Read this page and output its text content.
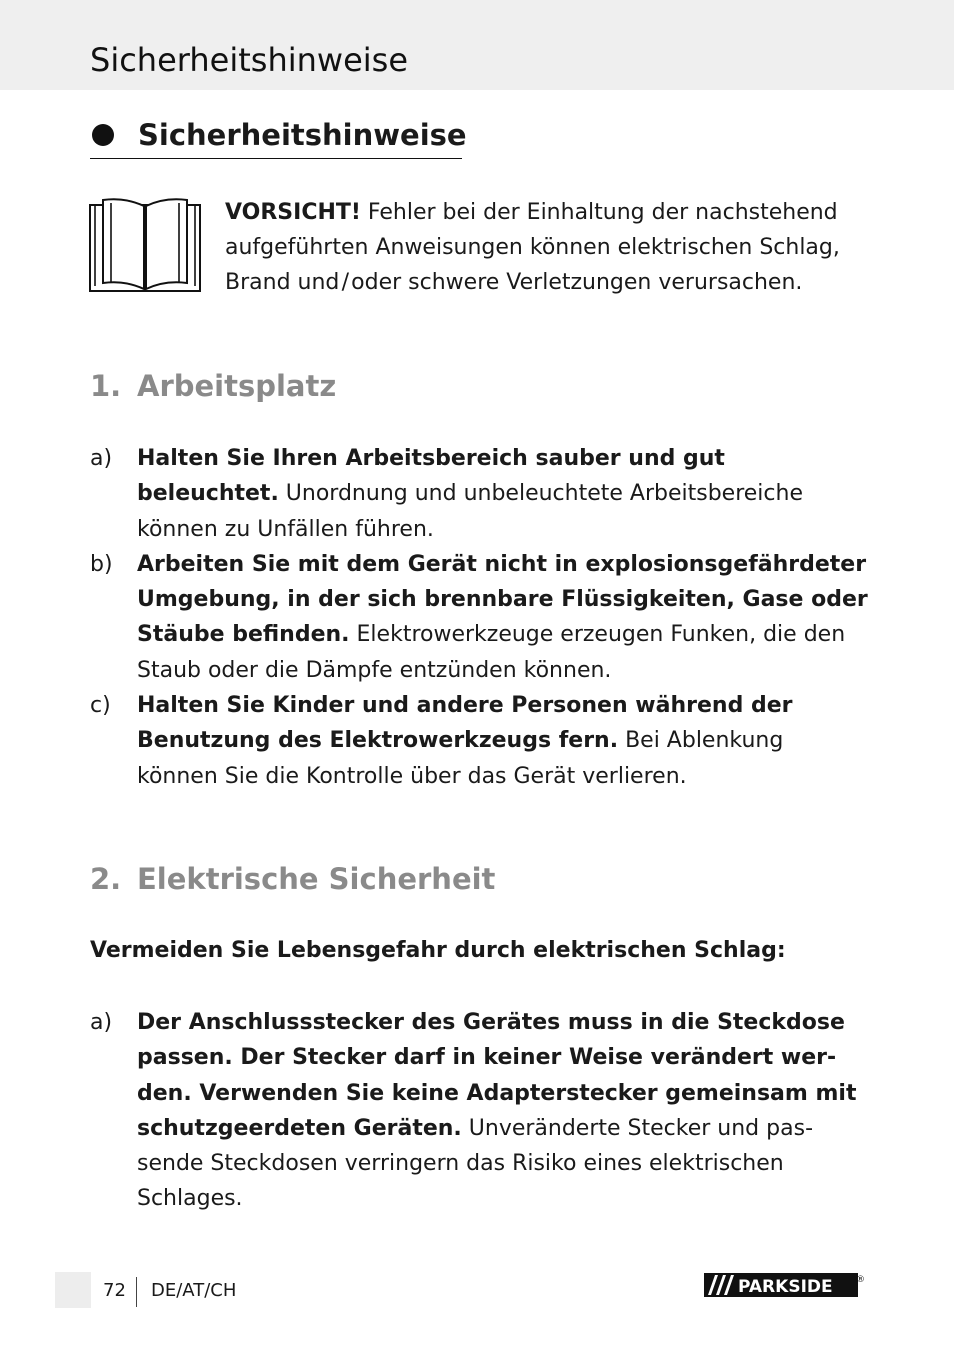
Sicherheitshinweise
Sicherheitshinweise

VORSICHT! Fehler bei der Einhaltung der nachstehend aufgeführten Anweisungen können elektrischen Schlag, Brand und / oder schwere Verletzungen verursachen.

1. Arbeitsplatz
a)	Halten Sie Ihren Arbeitsbereich sauber und gut beleuchtet. Unordnung und unbeleuchtete Arbeitsbereiche können zu Unfällen führen.
b)	Arbeiten Sie mit dem Gerät nicht in explosionsgefährdeter Umgebung, in der sich brennbare Flüssigkeiten, Gase oder Stäube befinden. Elektrowerkzeuge erzeugen Funken, die den Staub oder die Dämpfe entzünden können.
c)	Halten Sie Kinder und andere Personen während der Benutzung des Elektrowerkzeugs fern. Bei Ablenkung können Sie die Kontrolle über das Gerät verlieren.
2. Elektrische Sicherheit

Vermeiden Sie Lebensgefahr durch elektrischen Schlag:

a)	Der Anschlussstecker des Gerätes muss in die Steckdose passen. Der Stecker darf in keiner Weise verändert werden. Verwenden Sie keine Adapterstecker gemeinsam mit schutzgeerdeten Geräten. Unveränderte Stecker und passende Steckdosen verringern das Risiko eines elektrischen Schlages.
72 DE/AT/CH	PARKSIDE	®
